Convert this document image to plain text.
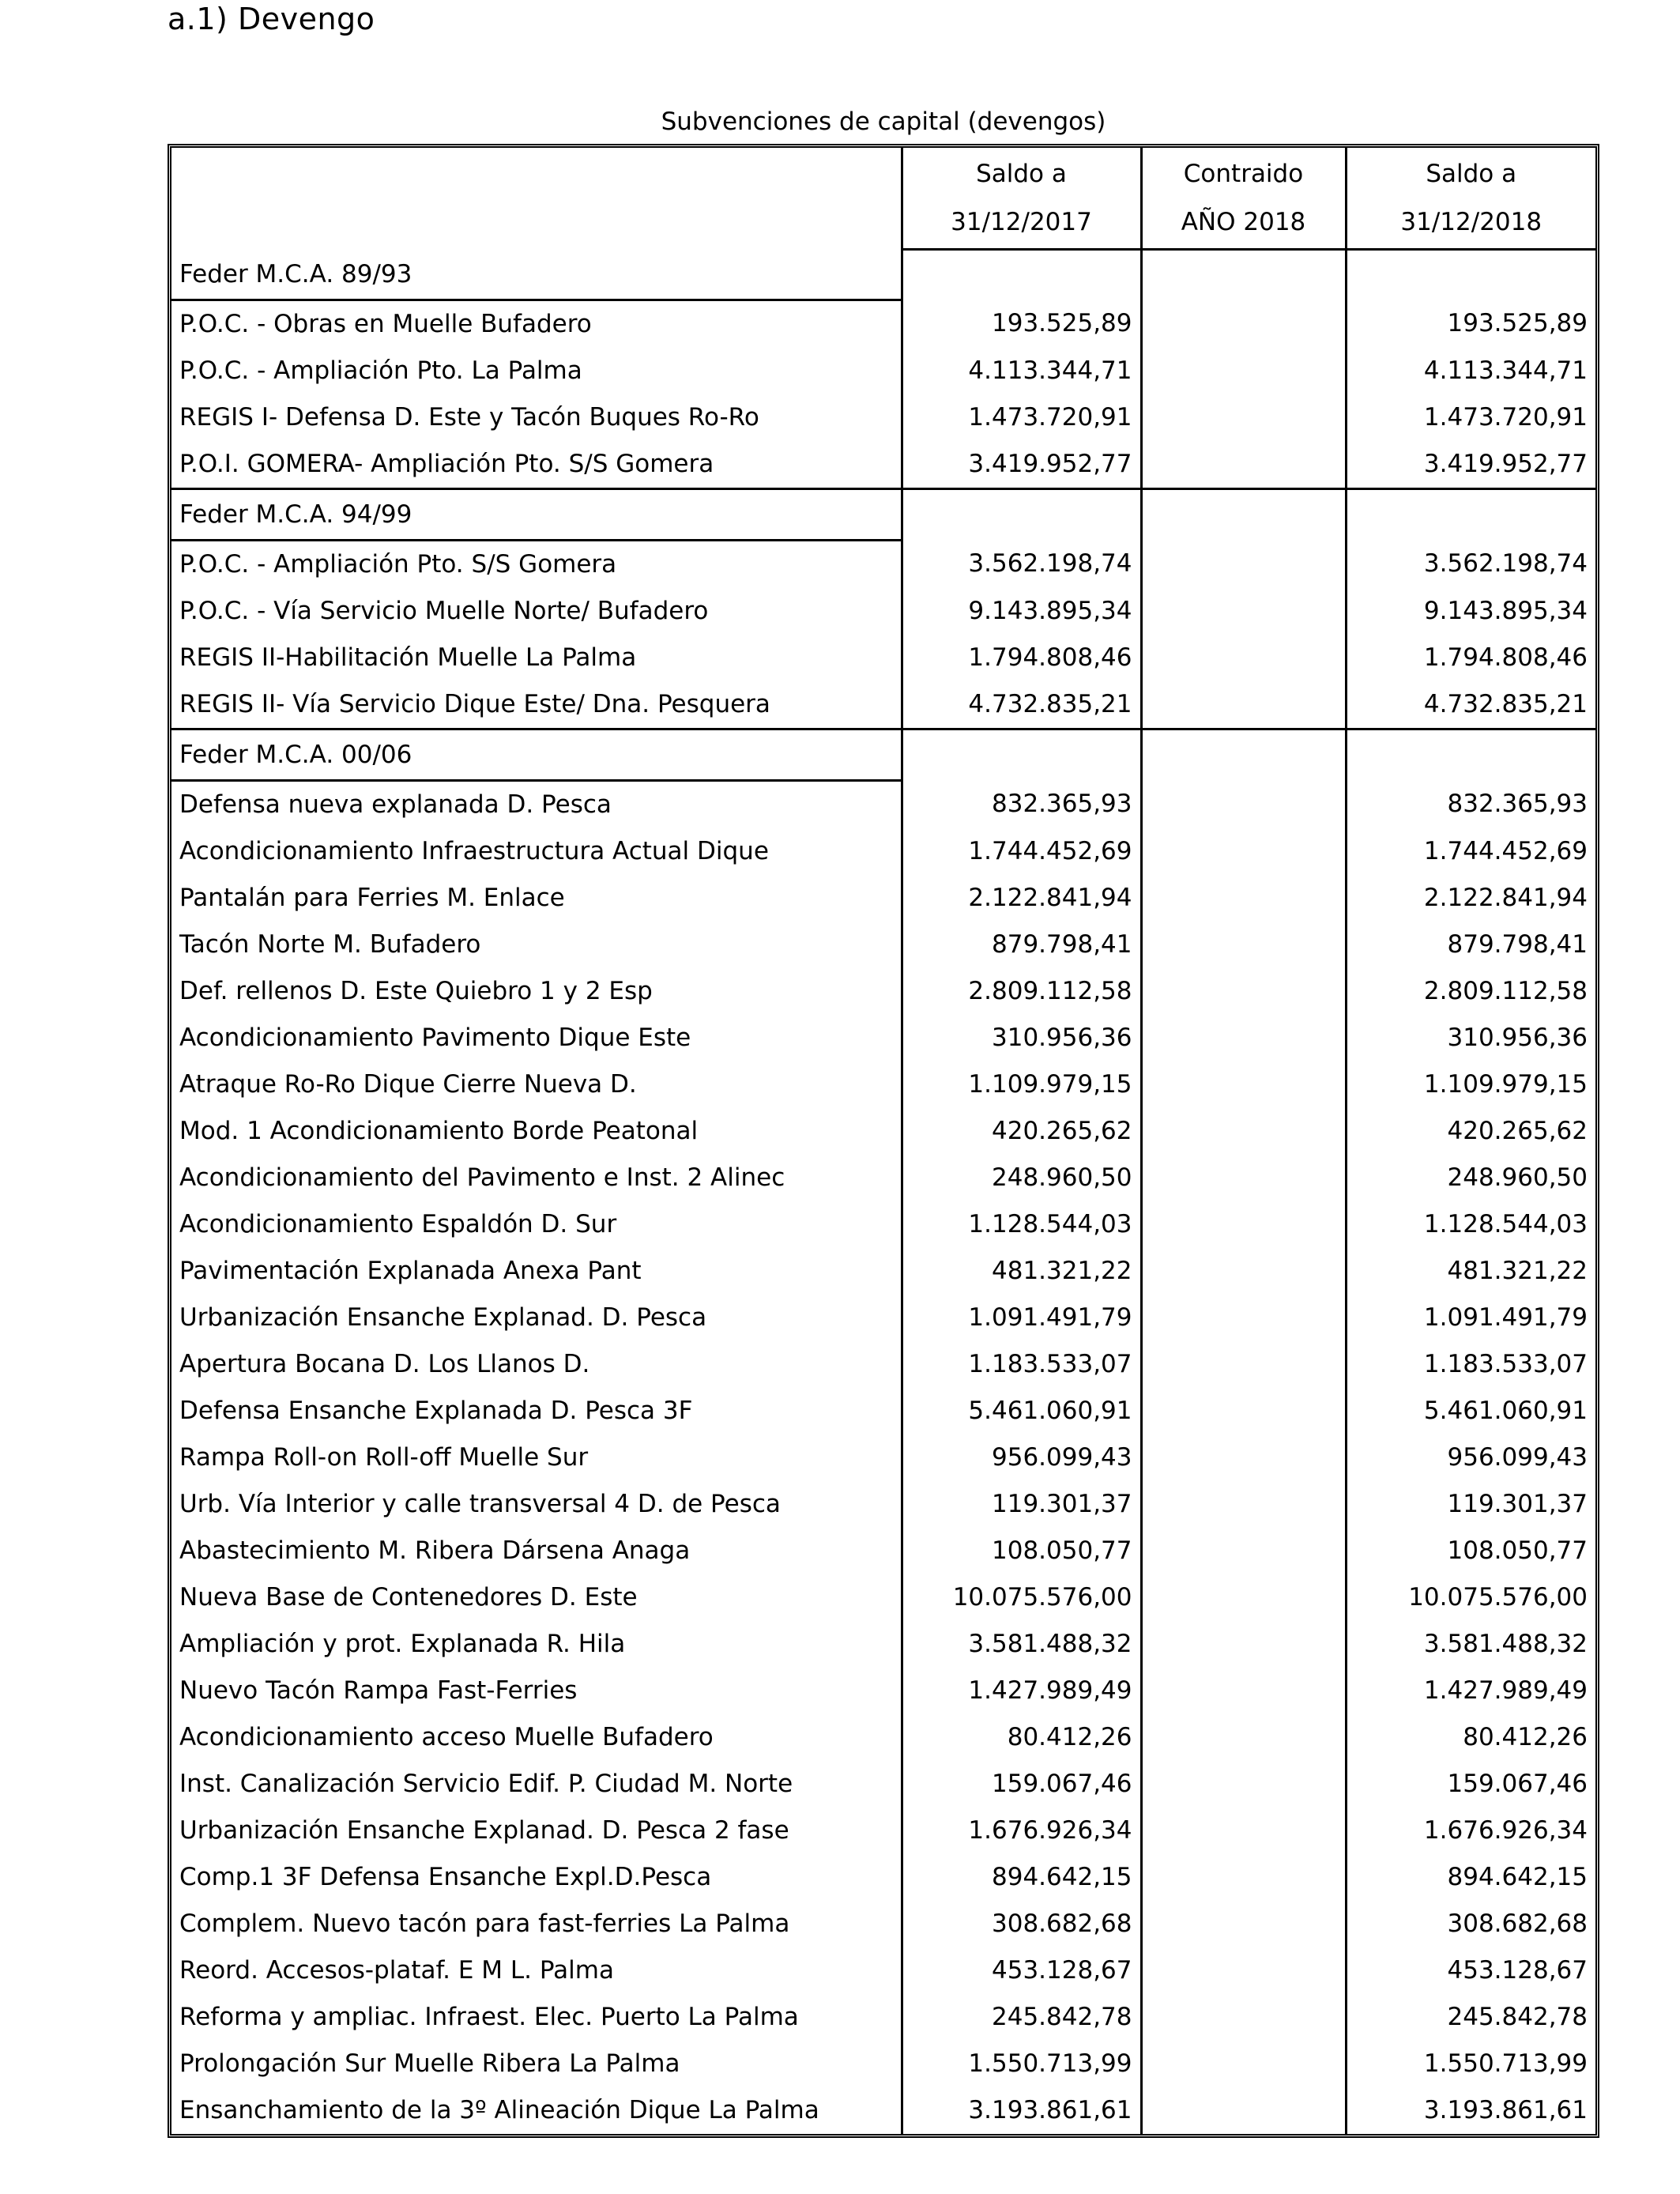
a.1) Devengo
Subvenciones de capital (devengos)
	Saldo a	Contraido	Saldo a
	31/12/2017	AÑO 2018	31/12/2018
Feder M.C.A. 89/93			
P.O.C. - Obras en Muelle Bufadero	193.525,89		193.525,89
P.O.C. - Ampliación Pto. La Palma	4.113.344,71		4.113.344,71
REGIS I- Defensa D. Este y Tacón Buques Ro-Ro	1.473.720,91		1.473.720,91
P.O.I. GOMERA- Ampliación Pto. S/S Gomera	3.419.952,77		3.419.952,77
Feder M.C.A. 94/99			
P.O.C. - Ampliación Pto. S/S Gomera	3.562.198,74		3.562.198,74
P.O.C. - Vía Servicio Muelle Norte/ Bufadero	9.143.895,34		9.143.895,34
REGIS II-Habilitación Muelle La Palma	1.794.808,46		1.794.808,46
REGIS II- Vía Servicio Dique Este/ Dna. Pesquera	4.732.835,21		4.732.835,21
Feder M.C.A. 00/06			
Defensa nueva explanada D. Pesca	832.365,93		832.365,93
Acondicionamiento Infraestructura Actual Dique	1.744.452,69		1.744.452,69
Pantalán para Ferries M. Enlace	2.122.841,94		2.122.841,94
Tacón Norte M. Bufadero	879.798,41		879.798,41
Def. rellenos D. Este Quiebro 1 y 2 Esp	2.809.112,58		2.809.112,58
Acondicionamiento Pavimento Dique Este	310.956,36		310.956,36
Atraque Ro-Ro Dique Cierre Nueva D.	1.109.979,15		1.109.979,15
Mod. 1 Acondicionamiento Borde Peatonal	420.265,62		420.265,62
Acondicionamiento del Pavimento e Inst. 2 Alinec	248.960,50		248.960,50
Acondicionamiento Espaldón D. Sur	1.128.544,03		1.128.544,03
Pavimentación Explanada Anexa Pant	481.321,22		481.321,22
Urbanización Ensanche Explanad. D. Pesca	1.091.491,79		1.091.491,79
Apertura Bocana D. Los Llanos D.	1.183.533,07		1.183.533,07
Defensa Ensanche Explanada D. Pesca 3F	5.461.060,91		5.461.060,91
Rampa Roll-on Roll-off Muelle Sur	956.099,43		956.099,43
Urb. Vía Interior y calle transversal 4 D. de Pesca	119.301,37		119.301,37
Abastecimiento M. Ribera Dársena Anaga	108.050,77		108.050,77
Nueva Base de Contenedores D. Este	10.075.576,00		10.075.576,00
Ampliación y prot. Explanada R. Hila	3.581.488,32		3.581.488,32
Nuevo Tacón Rampa Fast-Ferries	1.427.989,49		1.427.989,49
Acondicionamiento acceso Muelle Bufadero	80.412,26		80.412,26
Inst. Canalización Servicio Edif. P. Ciudad M. Norte	159.067,46		159.067,46
Urbanización Ensanche Explanad. D. Pesca 2 fase	1.676.926,34		1.676.926,34
Comp.1 3F Defensa Ensanche Expl.D.Pesca	894.642,15		894.642,15
Complem. Nuevo tacón para fast-ferries La Palma	308.682,68		308.682,68
Reord. Accesos-plataf. E M L. Palma	453.128,67		453.128,67
Reforma y ampliac. Infraest. Elec. Puerto La Palma	245.842,78		245.842,78
Prolongación Sur Muelle Ribera La Palma	1.550.713,99		1.550.713,99
Ensanchamiento de la 3º Alineación Dique La Palma	3.193.861,61		3.193.861,61
